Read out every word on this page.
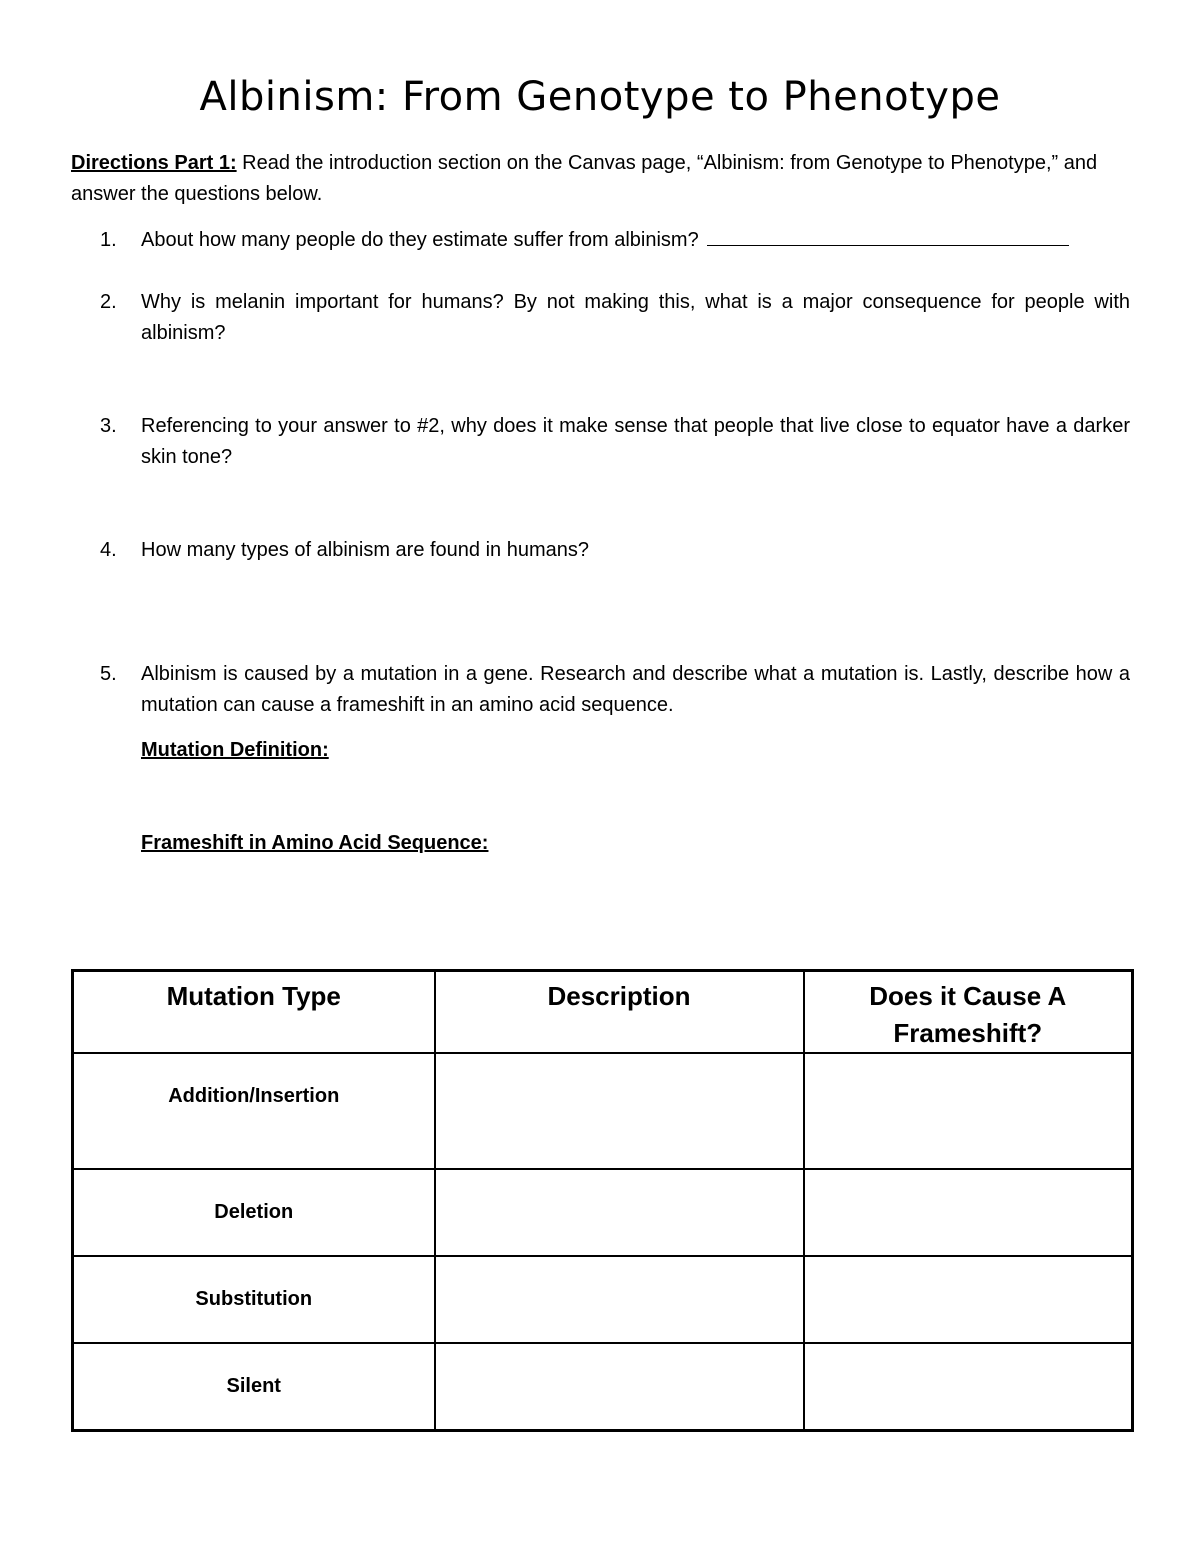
Albinism: From Genotype to Phenotype
Directions Part 1: Read the introduction section on the Canvas page, “Albinism: from Genotype to Phenotype,” and answer the questions below.
1.	About how many people do they estimate suffer from albinism?
2.	Why is melanin important for humans? By not making this, what is a major consequence for people with albinism?
3.	Referencing to your answer to #2, why does it make sense that people that live close to equator have a darker skin tone?
4.	How many types of albinism are found in humans?
5.	Albinism is caused by a mutation in a gene. Research and describe what a mutation is. Lastly, describe how a mutation can cause a frameshift in an amino acid sequence.
Mutation Definition:
Frameshift in Amino Acid Sequence:
Mutation Type	Description	Does it Cause A Frameshift?
Addition/Insertion		
Deletion		
Substitution		
Silent		
